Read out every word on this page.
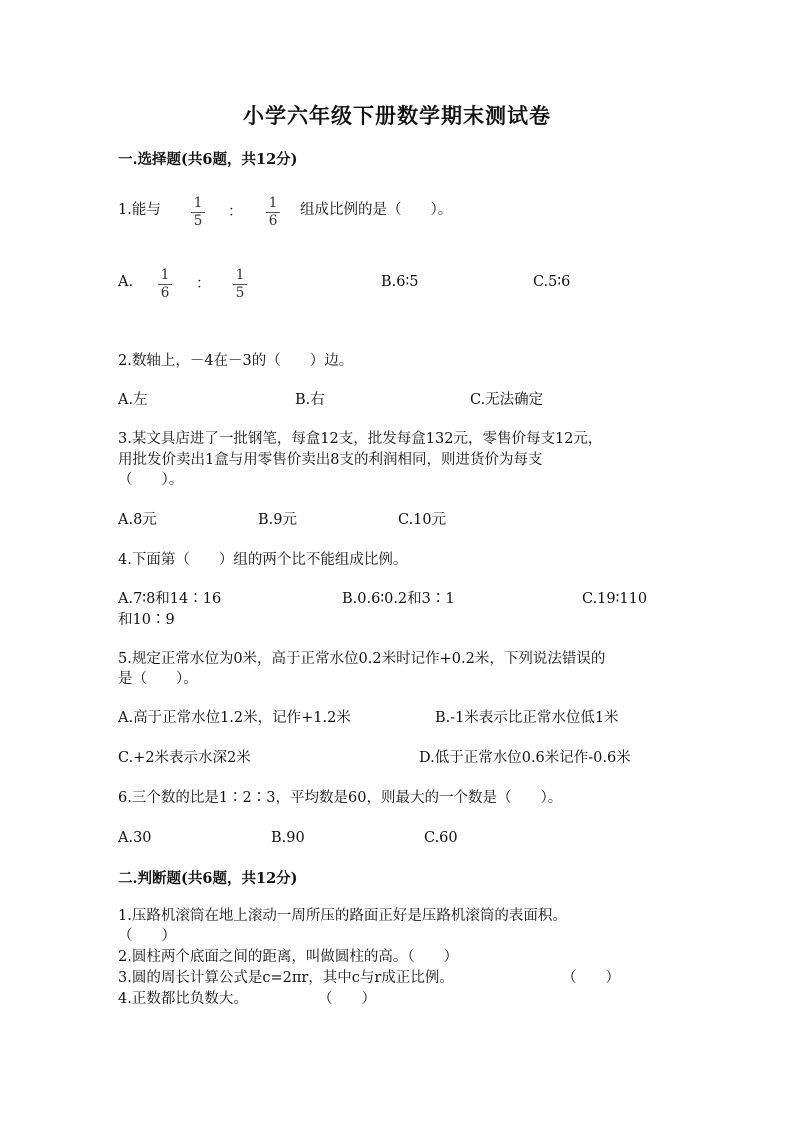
小学六年级下册数学期末测试卷
一.选择题(共6题，共12分)
1.能与	1
5
：
1
6
组成比例的是（　　）。
A.	1
6
：
1
5
B.6∶5	C.5∶6
2.数轴上，－4在－3的（　　）边。
A.左	B.右	C.无法确定
3.某文具店进了一批钢笔，每盒12支，批发每盒132元，零售价每支12元，
用批发价卖出1盒与用零售价卖出8支的利润相同，则进货价为每支
（　　）。
A.8元	B.9元	C.10元
4.下面第（　　）组的两个比不能组成比例。
A.7∶8和14∶16	B.0.6∶0.2和3∶1	C.19∶110
和10∶9
5.规定正常水位为0米，高于正常水位0.2米时记作+0.2米，下列说法错误的
是（　　）。
A.高于正常水位1.2米，记作+1.2米	B.-1米表示比正常水位低1米
C.+2米表示水深2米	D.低于正常水位0.6米记作-0.6米
6.三个数的比是1∶2∶3，平均数是60，则最大的一个数是（　　）。
A.30	B.90	C.60
二.判断题(共6题，共12分)
1.压路机滚筒在地上滚动一周所压的路面正好是压路机滚筒的表面积。
（　　）
2.圆柱两个底面之间的距离，叫做圆柱的高。（　　）
3.圆的周长计算公式是c=2πr，其中c与r成正比例。	（　　）
4.正数都比负数大。	（　　）
